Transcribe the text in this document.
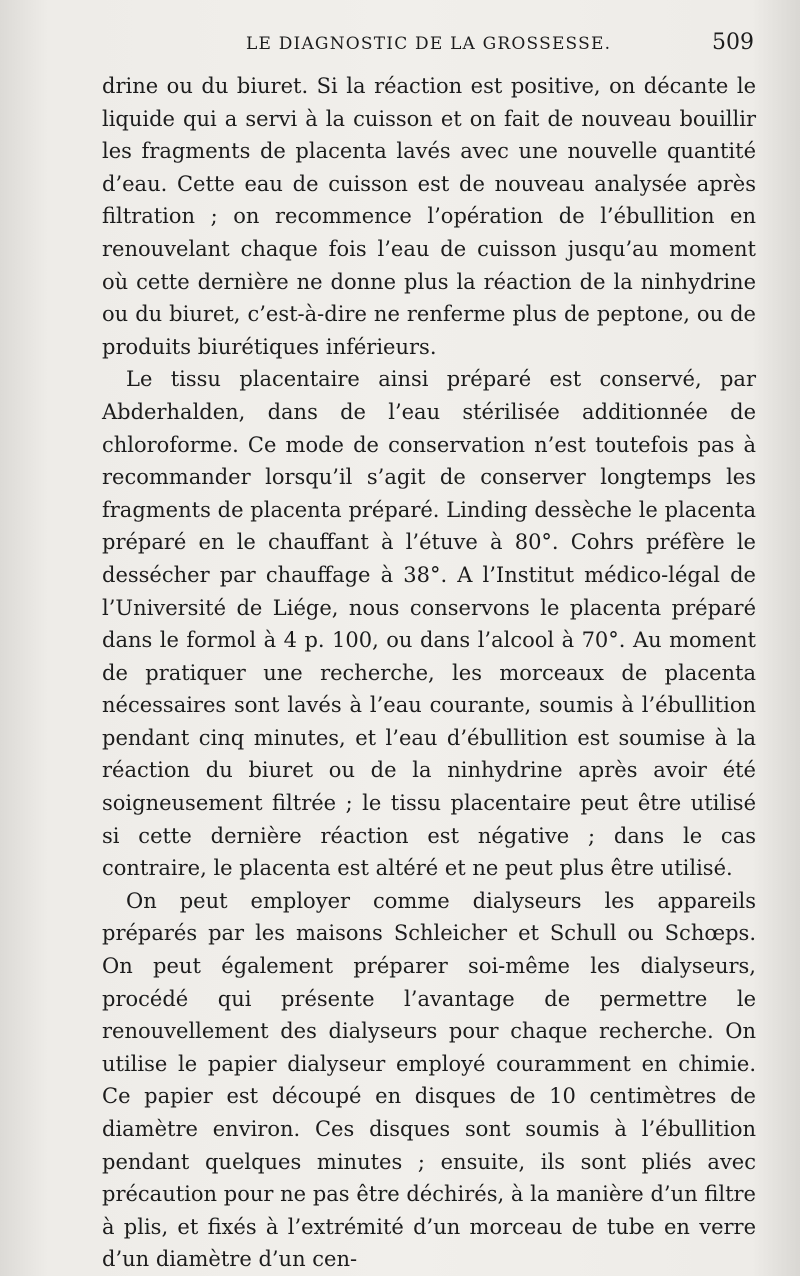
LE DIAGNOSTIC DE LA GROSSESSE.	509

drine ou du biuret. Si la réaction est positive, on décante le liquide qui a servi à la cuisson et on fait de nouveau bouillir les fragments de placenta lavés avec une nouvelle quantité d’eau. Cette eau de cuisson est de nouveau analysée après filtration ; on recommence l’opération de l’ébullition en renouvelant chaque fois l’eau de cuisson jusqu’au moment où cette dernière ne donne plus la réaction de la ninhydrine ou du biuret, c’est-à-dire ne renferme plus de peptone, ou de produits biurétiques inférieurs.

Le tissu placentaire ainsi préparé est conservé, par Abderhalden, dans de l’eau stérilisée additionnée de chloroforme. Ce mode de conservation n’est toutefois pas à recommander lorsqu’il s’agit de conserver longtemps les fragments de placenta préparé. Linding dessèche le placenta préparé en le chauffant à l’étuve à 80°. Cohrs préfère le dessécher par chauffage à 38°. A l’Institut médico-légal de l’Université de Liége, nous conservons le placenta préparé dans le formol à 4 p. 100, ou dans l’alcool à 70°. Au moment de pratiquer une recherche, les morceaux de placenta nécessaires sont lavés à l’eau courante, soumis à l’ébullition pendant cinq minutes, et l’eau d’ébullition est soumise à la réaction du biuret ou de la ninhydrine après avoir été soigneusement filtrée ; le tissu placentaire peut être utilisé si cette dernière réaction est négative ; dans le cas contraire, le placenta est altéré et ne peut plus être utilisé.

On peut employer comme dialyseurs les appareils préparés par les maisons Schleicher et Schull ou Schœps. On peut également préparer soi-même les dialyseurs, procédé qui présente l’avantage de permettre le renouvellement des dialyseurs pour chaque recherche. On utilise le papier dialyseur employé couramment en chimie. Ce papier est découpé en disques de 10 centimètres de diamètre environ. Ces disques sont soumis à l’ébullition pendant quelques minutes ; ensuite, ils sont pliés avec précaution pour ne pas être déchirés, à la manière d’un filtre à plis, et fixés à l’extrémité d’un morceau de tube en verre d’un diamètre d’un cen-
